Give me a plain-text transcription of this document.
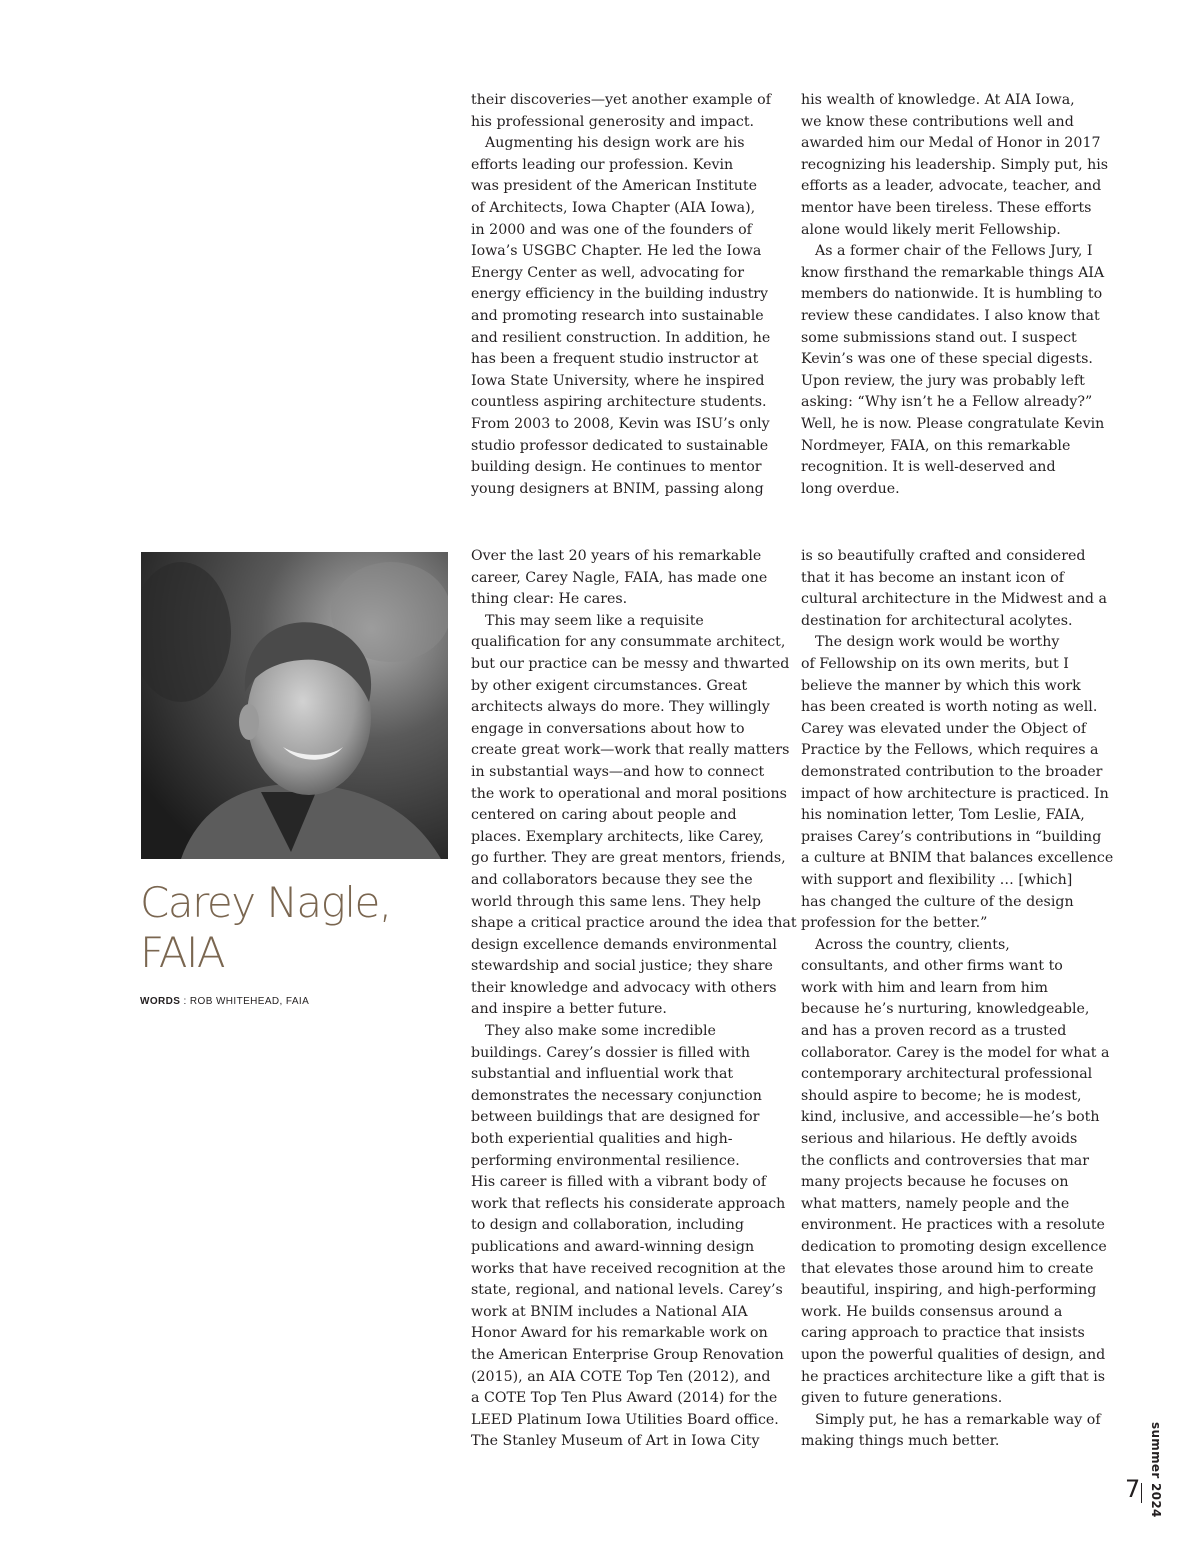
their discoveries—yet another example of
his professional generosity and impact.
Augmenting his design work are his
efforts leading our profession. Kevin
was president of the American Institute
of Architects, Iowa Chapter (AIA Iowa),
in 2000 and was one of the founders of
Iowa’s USGBC Chapter. He led the Iowa
Energy Center as well, advocating for
energy efficiency in the building industry
and promoting research into sustainable
and resilient construction. In addition, he
has been a frequent studio instructor at
Iowa State University, where he inspired
countless aspiring architecture students.
From 2003 to 2008, Kevin was ISU’s only
studio professor dedicated to sustainable
building design. He continues to mentor
young designers at BNIM, passing along
his wealth of knowledge. At AIA Iowa,
we know these contributions well and
awarded him our Medal of Honor in 2017
recognizing his leadership. Simply put, his
efforts as a leader, advocate, teacher, and
mentor have been tireless. These efforts
alone would likely merit Fellowship.
As a former chair of the Fellows Jury, I
know firsthand the remarkable things AIA
members do nationwide. It is humbling to
review these candidates. I also know that
some submissions stand out. I suspect
Kevin’s was one of these special digests.
Upon review, the jury was probably left
asking: “Why isn’t he a Fellow already?”
Well, he is now. Please congratulate Kevin
Nordmeyer, FAIA, on this remarkable
recognition. It is well-deserved and
long overdue.
Carey Nagle,
FAIA
WORDS : ROB WHITEHEAD, FAIA
Over the last 20 years of his remarkable
career, Carey Nagle, FAIA, has made one
thing clear: He cares.
This may seem like a requisite
qualification for any consummate architect,
but our practice can be messy and thwarted
by other exigent circumstances. Great
architects always do more. They willingly
engage in conversations about how to
create great work—work that really matters
in substantial ways—and how to connect
the work to operational and moral positions
centered on caring about people and
places. Exemplary architects, like Carey,
go further. They are great mentors, friends,
and collaborators because they see the
world through this same lens. They help
shape a critical practice around the idea that
design excellence demands environmental
stewardship and social justice; they share
their knowledge and advocacy with others
and inspire a better future.
They also make some incredible
buildings. Carey’s dossier is filled with
substantial and influential work that
demonstrates the necessary conjunction
between buildings that are designed for
both experiential qualities and high-
performing environmental resilience.
His career is filled with a vibrant body of
work that reflects his considerate approach
to design and collaboration, including
publications and award-winning design
works that have received recognition at the
state, regional, and national levels. Carey’s
work at BNIM includes a National AIA
Honor Award for his remarkable work on
the American Enterprise Group Renovation
(2015), an AIA COTE Top Ten (2012), and
a COTE Top Ten Plus Award (2014) for the
LEED Platinum Iowa Utilities Board office.
The Stanley Museum of Art in Iowa City
is so beautifully crafted and considered
that it has become an instant icon of
cultural architecture in the Midwest and a
destination for architectural acolytes.
The design work would be worthy
of Fellowship on its own merits, but I
believe the manner by which this work
has been created is worth noting as well.
Carey was elevated under the Object of
Practice by the Fellows, which requires a
demonstrated contribution to the broader
impact of how architecture is practiced. In
his nomination letter, Tom Leslie, FAIA,
praises Carey’s contributions in “building
a culture at BNIM that balances excellence
with support and flexibility … [which]
has changed the culture of the design
profession for the better.”
Across the country, clients,
consultants, and other firms want to
work with him and learn from him
because he’s nurturing, knowledgeable,
and has a proven record as a trusted
collaborator. Carey is the model for what a
contemporary architectural professional
should aspire to become; he is modest,
kind, inclusive, and accessible—he’s both
serious and hilarious. He deftly avoids
the conflicts and controversies that mar
many projects because he focuses on
what matters, namely people and the
environment. He practices with a resolute
dedication to promoting design excellence
that elevates those around him to create
beautiful, inspiring, and high-performing
work. He builds consensus around a
caring approach to practice that insists
upon the powerful qualities of design, and
he practices architecture like a gift that is
given to future generations.
Simply put, he has a remarkable way of
making things much better.
7 summer 2024
